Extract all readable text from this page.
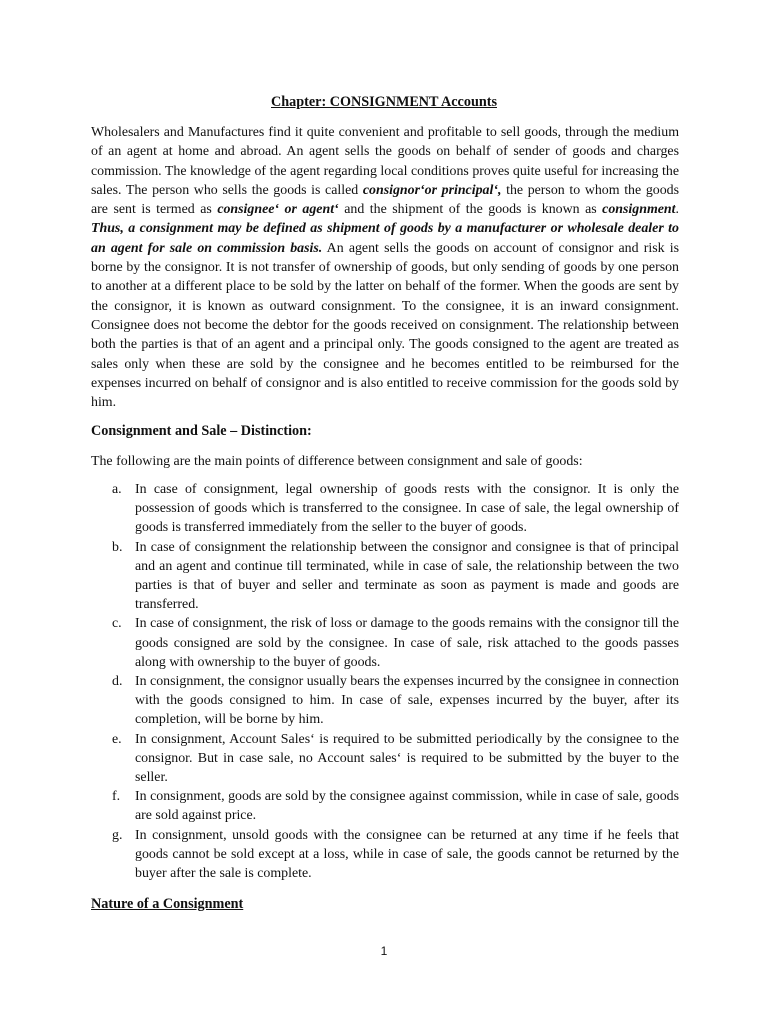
Chapter: CONSIGNMENT Accounts

Wholesalers and Manufactures find it quite convenient and profitable to sell goods, through the medium of an agent at home and abroad. An agent sells the goods on behalf of sender of goods and charges commission. The knowledge of the agent regarding local conditions proves quite useful for increasing the sales. The person who sells the goods is called consignor‘or principal‘, the person to whom the goods are sent is termed as consignee‘ or agent‘ and the shipment of the goods is known as consignment. Thus, a consignment may be defined as shipment of goods by a manufacturer or wholesale dealer to an agent for sale on commission basis. An agent sells the goods on account of consignor and risk is borne by the consignor. It is not transfer of ownership of goods, but only sending of goods by one person to another at a different place to be sold by the latter on behalf of the former. When the goods are sent by the consignor, it is known as outward consignment. To the consignee, it is an inward consignment. Consignee does not become the debtor for the goods received on consignment. The relationship between both the parties is that of an agent and a principal only. The goods consigned to the agent are treated as sales only when these are sold by the consignee and he becomes entitled to be reimbursed for the expenses incurred on behalf of consignor and is also entitled to receive commission for the goods sold by him.

Consignment and Sale – Distinction:

The following are the main points of difference between consignment and sale of goods:

a. In case of consignment, legal ownership of goods rests with the consignor. It is only the possession of goods which is transferred to the consignee. In case of sale, the legal ownership of goods is transferred immediately from the seller to the buyer of goods.
b. In case of consignment the relationship between the consignor and consignee is that of principal and an agent and continue till terminated, while in case of sale, the relationship between the two parties is that of buyer and seller and terminate as soon as payment is made and goods are transferred.
c. In case of consignment, the risk of loss or damage to the goods remains with the consignor till the goods consigned are sold by the consignee. In case of sale, risk attached to the goods passes along with ownership to the buyer of goods.
d. In consignment, the consignor usually bears the expenses incurred by the consignee in connection with the goods consigned to him. In case of sale, expenses incurred by the buyer, after its completion, will be borne by him.
e. In consignment, Account Sales‘ is required to be submitted periodically by the consignee to the consignor. But in case sale, no Account sales‘ is required to be submitted by the buyer to the seller.
f.	In consignment, goods are sold by the consignee against commission, while in case of sale, goods are sold against price.
g. In consignment, unsold goods with the consignee can be returned at any time if he feels that goods cannot be sold except at a loss, while in case of sale, the goods cannot be returned by the buyer after the sale is complete.

Nature of a Consignment

1
